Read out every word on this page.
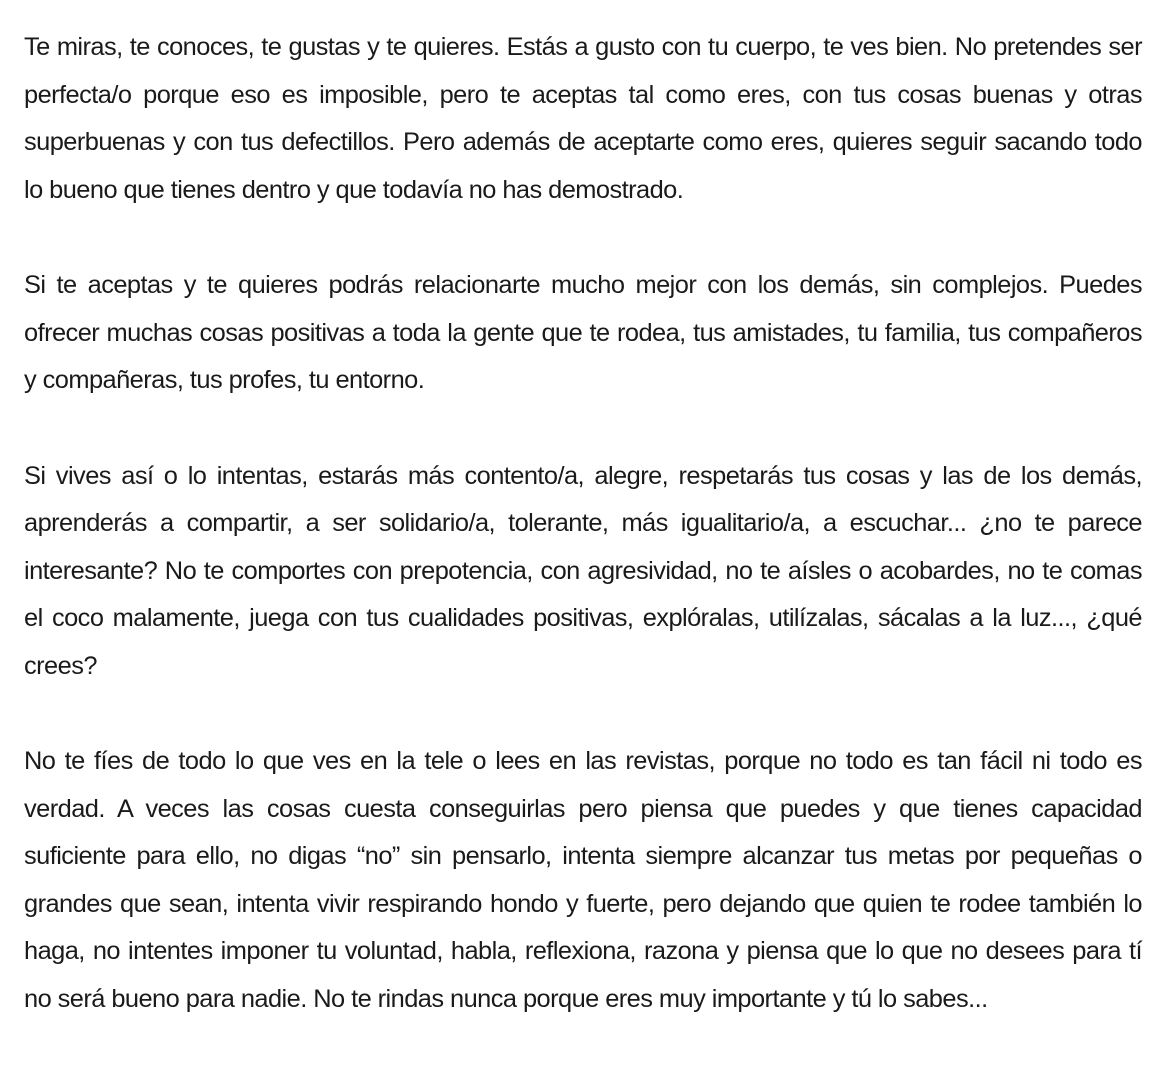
Te miras, te conoces, te gustas y te quieres. Estás a gusto con tu cuerpo, te ves bien. No pretendes ser perfecta/o porque eso es imposible, pero te aceptas tal como eres, con tus cosas buenas y otras superbuenas y con tus defectillos. Pero además de aceptarte como eres, quieres seguir sacando todo lo bueno que tienes dentro y que todavía no has demostrado.

Si te aceptas y te quieres podrás relacionarte mucho mejor con los demás, sin complejos. Puedes ofrecer muchas cosas positivas a toda la gente que te rodea, tus amistades, tu familia, tus compañeros y compañeras, tus profes, tu entorno.

Si vives así o lo intentas, estarás más contento/a, alegre, respetarás tus cosas y las de los demás, aprenderás a compartir, a ser solidario/a, tolerante, más igualitario/a, a escuchar... ¿no te parece interesante? No te comportes con prepotencia, con agresividad, no te aísles o acobardes, no te comas el coco malamente, juega con tus cualidades positivas, explóralas, utilízalas, sácalas a la luz..., ¿qué crees?

No te fíes de todo lo que ves en la tele o lees en las revistas, porque no todo es tan fácil ni todo es verdad. A veces las cosas cuesta conseguirlas pero piensa que puedes y que tienes capacidad suficiente para ello, no digas “no” sin pensarlo, intenta siempre alcanzar tus metas por pequeñas o grandes que sean, intenta vivir respirando hondo y fuerte, pero dejando que quien te rodee también lo haga, no intentes imponer tu voluntad, habla, reflexiona, razona y piensa que lo que no desees para tí no será bueno para nadie. No te rindas nunca porque eres muy importante y tú lo sabes...
